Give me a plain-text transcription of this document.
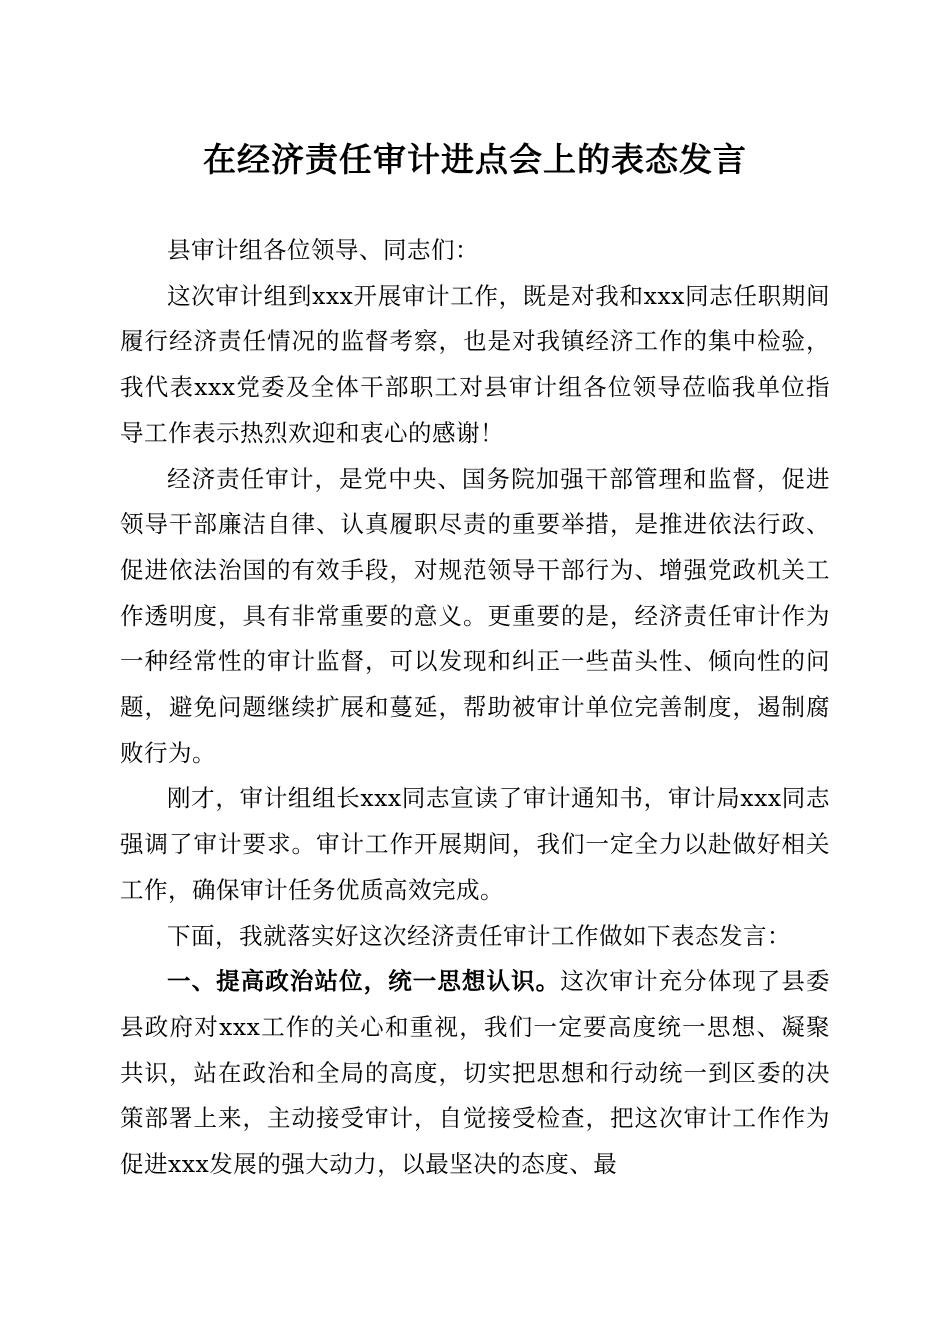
在经济责任审计进点会上的表态发言

县审计组各位领导、同志们：

这次审计组到xxx开展审计工作，既是对我和xxx同志任职期间履行经济责任情况的监督考察，也是对我镇经济工作的集中检验，我代表xxx党委及全体干部职工对县审计组各位领导莅临我单位指导工作表示热烈欢迎和衷心的感谢！

经济责任审计，是党中央、国务院加强干部管理和监督，促进领导干部廉洁自律、认真履职尽责的重要举措，是推进依法行政、促进依法治国的有效手段，对规范领导干部行为、增强党政机关工作透明度，具有非常重要的意义。更重要的是，经济责任审计作为一种经常性的审计监督，可以发现和纠正一些苗头性、倾向性的问题，避免问题继续扩展和蔓延，帮助被审计单位完善制度，遏制腐败行为。

刚才，审计组组长xxx同志宣读了审计通知书，审计局xxx同志强调了审计要求。审计工作开展期间，我们一定全力以赴做好相关工作，确保审计任务优质高效完成。

下面，我就落实好这次经济责任审计工作做如下表态发言：

一、提高政治站位，统一思想认识。这次审计充分体现了县委县政府对xxx工作的关心和重视，我们一定要高度统一思想、凝聚共识，站在政治和全局的高度，切实把思想和行动统一到区委的决策部署上来，主动接受审计，自觉接受检查，把这次审计工作作为促进xxx发展的强大动力，以最坚决的态度、最
